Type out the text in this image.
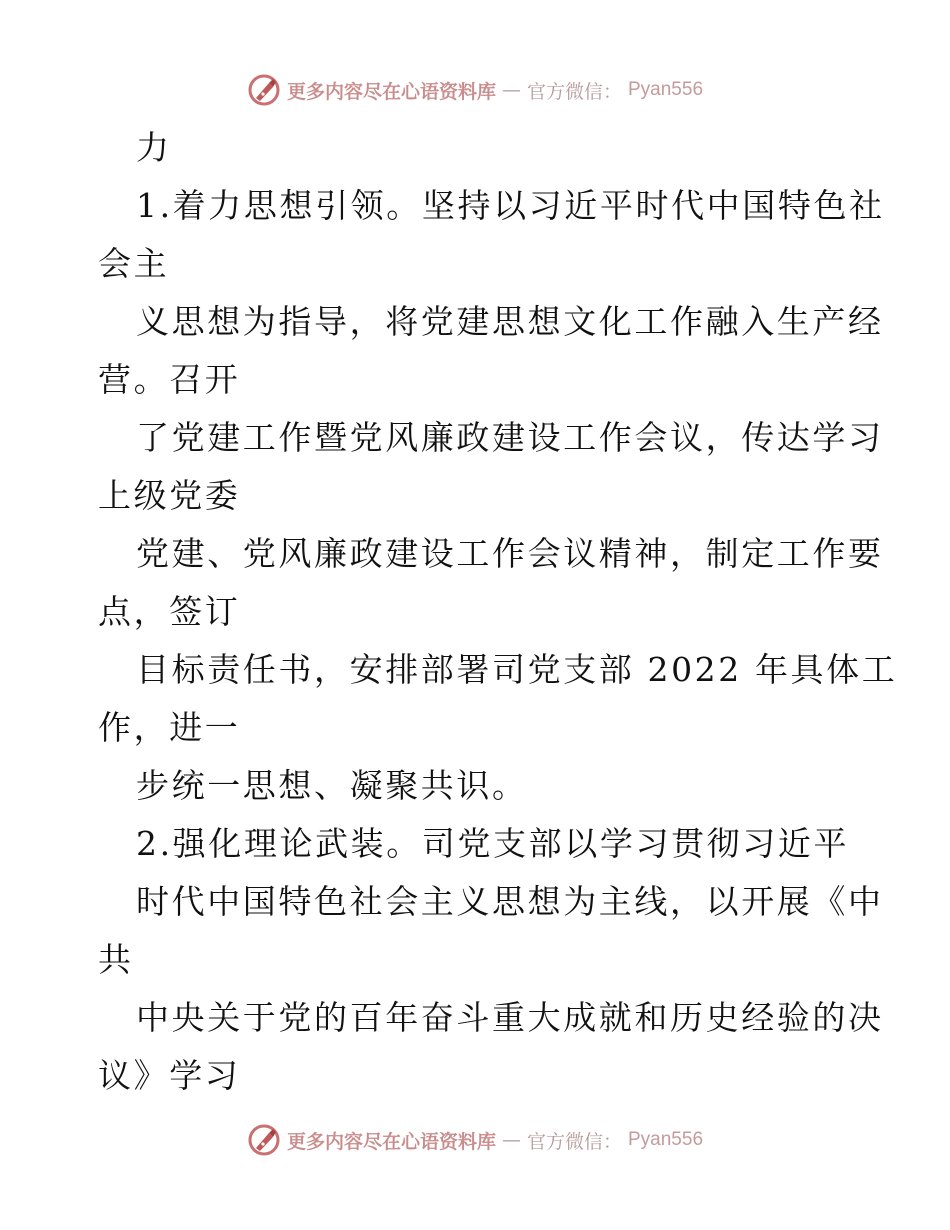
更多内容尽在心语资料库 — 官方微信： Pyan556
力
1.着力思想引领。坚持以习近平时代中国特色社
会主
义思想为指导，将党建思想文化工作融入生产经
营。召开
了党建工作暨党风廉政建设工作会议，传达学习
上级党委
党建、党风廉政建设工作会议精神，制定工作要
点，签订
目标责任书，安排部署司党支部 2022 年具体工
作，进一
步统一思想、凝聚共识。
2.强化理论武装。司党支部以学习贯彻习近平
时代中国特色社会主义思想为主线，以开展《中
共
中央关于党的百年奋斗重大成就和历史经验的决
议》学习
更多内容尽在心语资料库 — 官方微信： Pyan556
